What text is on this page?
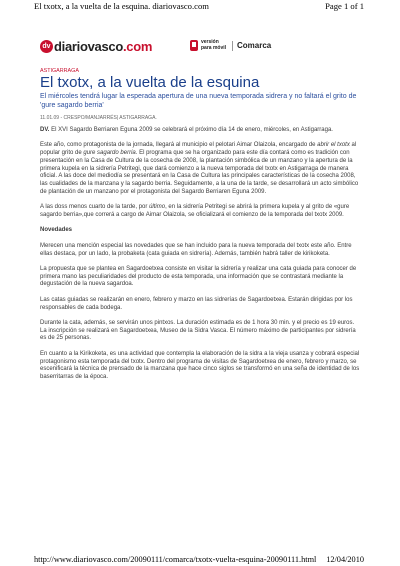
El txotx, a la vuelta de la esquina. diariovasco.com	Page 1 of 1
dv diariovasco.com	versión
para móvil Comarca

ASTIGARRAGA

El txotx, a la vuelta de la esquina

El miércoles tendrá lugar la esperada apertura de una nueva temporada sidrera y no faltará el grito de 'gure sagardo berria'

11.01.09 - CRESPO/MANJARRÉS| ASTIGARRAGA.

DV. El XVI Sagardo Berriaren Eguna 2009 se celebrará el próximo día 14 de enero, miércoles, en Astigarraga.

Este año, como protagonista de la jornada, llegará al municipio el pelotari Aimar Olaizola, encargado de abrir el txotx al popular grito de gure sagardo berria. El programa que se ha organizado para este día contará como es tradición con presentación en la Casa de Cultura de la cosecha de 2008, la plantación simbólica de un manzano y la apertura de la primera kupela en la sidrería Petritegi, que dará comienzo a la nueva temporada del txotx en Astigarraga de manera oficial. A las doce del mediodía se presentará en la Casa de Cultura las principales características de la cosecha 2008, las cualidades de la manzana y la sagardo berria. Seguidamente, a la una de la tarde, se desarrollará un acto simbólico de plantación de un manzano por el protagonista del Sagardo Berriaren Eguna 2009.

A las doss menos cuarto de la tarde, por último, en la sidrería Petritegi se abrirá la primera kupela y al grito de «gure sagardo berria»,que correrá a cargo de Aimar Olaizola, se oficializará el comienzo de la temporada del txotx 2009.

Novedades

Merecen una mención especial las novedades que se han incluido para la nueva temporada del txotx este año. Entre ellas destaca, por un lado, la probaketa (cata guiada en sidrería). Además, también habrá taller de kirikoketa.

La propuesta que se plantea en Sagardoetxea consiste en visitar la sidrería y realizar una cata guiada para conocer de primera mano las peculiaridades del producto de esta temporada, una información que se contrastará mediante la degustación de la nueva sagardoa.

Las catas guiadas se realizarán en enero, febrero y marzo en las sidrerías de Sagardoetxea. Estarán dirigidas por los responsables de cada bodega.

Durante la cata, además, se servirán unos pintxos. La duración estimada es de 1 hora 30 min. y el precio es 19 euros. La inscripción se realizará en Sagardoetxea, Museo de la Sidra Vasca. El número máximo de participantes por sidrería es de 25 personas.

En cuanto a la Kirikoketa, es una actividad que contempla la elaboración de la sidra a la vieja usanza y cobrará especial protagonismo esta temporada del txotx. Dentro del programa de visitas de Sagardoetxea de enero, febrero y marzo, se escenificará la técnica de prensado de la manzana que hace cinco siglos se transformó en una seña de identidad de los baserritarras de la época.

http://www.diariovasco.com/20090111/comarca/txotx-vuelta-esquina-20090111.html 12/04/2010
